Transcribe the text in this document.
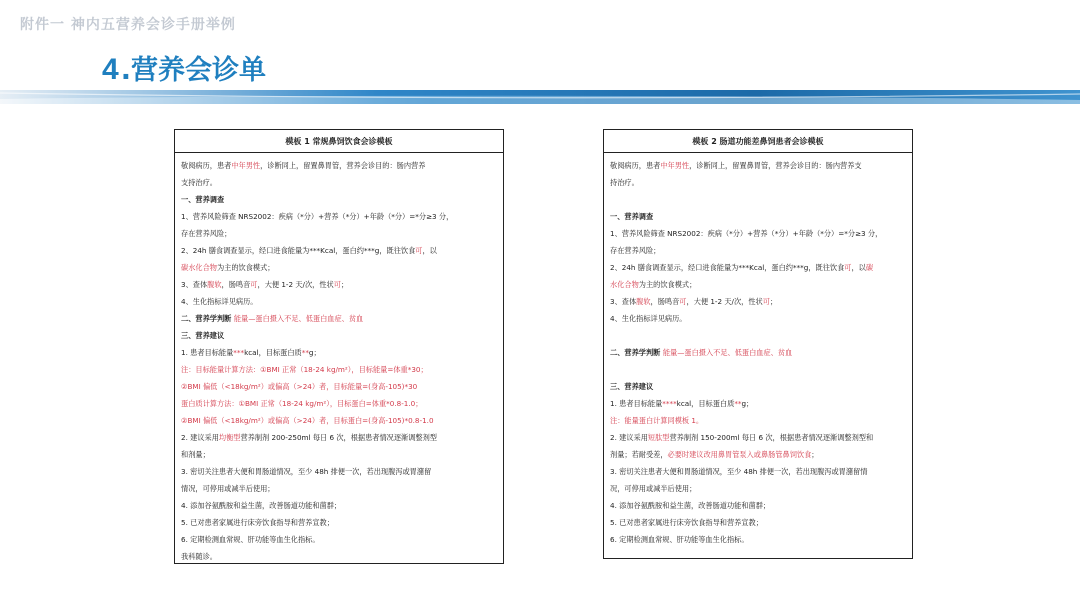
附件一 神内五营养会诊手册举例
4 .营养会诊单
模板 1 常规鼻饲饮食会诊模板
敬阅病历，患者中年男性，诊断同上，留置鼻胃管，营养会诊目的：肠内营养
支持治疗。
一、营养调查
1、营养风险筛查 NRS2002：疾病（*分）+营养（*分）+年龄（*分）=*分≥3 分，
存在营养风险；
2、24h 膳食调查显示，经口进食能量为***Kcal，蛋白约***g，既往饮食可，以
碳水化合物为主的饮食模式；
3、查体腹软，肠鸣音可，大便 1-2 天/次，性状可；
4、生化指标详见病历。
二、营养学判断 能量—蛋白摄入不足、低蛋白血症、贫血
三、营养建议
1. 患者目标能量***kcal，目标蛋白质**g；
注：目标能量计算方法：①BMI 正常（18-24 kg/m²），目标能量=体重*30；
②BMI 偏低（<18kg/m²）或偏高（>24）者，目标能量=(身高-105)*30
蛋白质计算方法：①BMI 正常（18-24 kg/m²），目标蛋白=体重*0.8-1.0；
②BMI 偏低（<18kg/m²）或偏高（>24）者，目标蛋白=(身高-105)*0.8-1.0
2. 建议采用均衡型营养制剂 200-250ml 每日 6 次，根据患者情况逐渐调整剂型
和剂量；
3. 密切关注患者大便和胃肠道情况，至少 48h 排便一次，若出现腹泻或胃潴留
情况，可停用或减半后使用；
4. 添加谷氨酰胺和益生菌，改善肠道功能和菌群；
5. 已对患者家属进行床旁饮食指导和营养宣教；
6. 定期检测血常规、肝功能等血生化指标。
我科随诊。
模板 2 肠道功能差鼻饲患者会诊模板
敬阅病历，患者中年男性，诊断同上，留置鼻胃管，营养会诊目的：肠内营养支
持治疗。
一、营养调查
1、营养风险筛查 NRS2002：疾病（*分）+营养（*分）+年龄（*分）=*分≥3 分，
存在营养风险；
2、24h 膳食调查显示，经口进食能量为***Kcal，蛋白约***g，既往饮食可，以碳
水化合物为主的饮食模式；
3、查体腹软，肠鸣音可，大便 1-2 天/次，性状可；
4、生化指标详见病历。
二、营养学判断 能量—蛋白摄入不足、低蛋白血症、贫血
三、营养建议
1. 患者目标能量****kcal，目标蛋白质**g；
注：能量蛋白计算同模板 1。
2. 建议采用短肽型营养制剂 150-200ml 每日 6 次，根据患者情况逐渐调整剂型和
剂量；若耐受差，必要时建议改用鼻胃管泵入或鼻肠管鼻饲饮食；
3. 密切关注患者大便和胃肠道情况，至少 48h 排便一次，若出现腹泻或胃潴留情
况，可停用或减半后使用；
4. 添加谷氨酰胺和益生菌，改善肠道功能和菌群；
5. 已对患者家属进行床旁饮食指导和营养宣教；
6. 定期检测血常规、肝功能等血生化指标。
